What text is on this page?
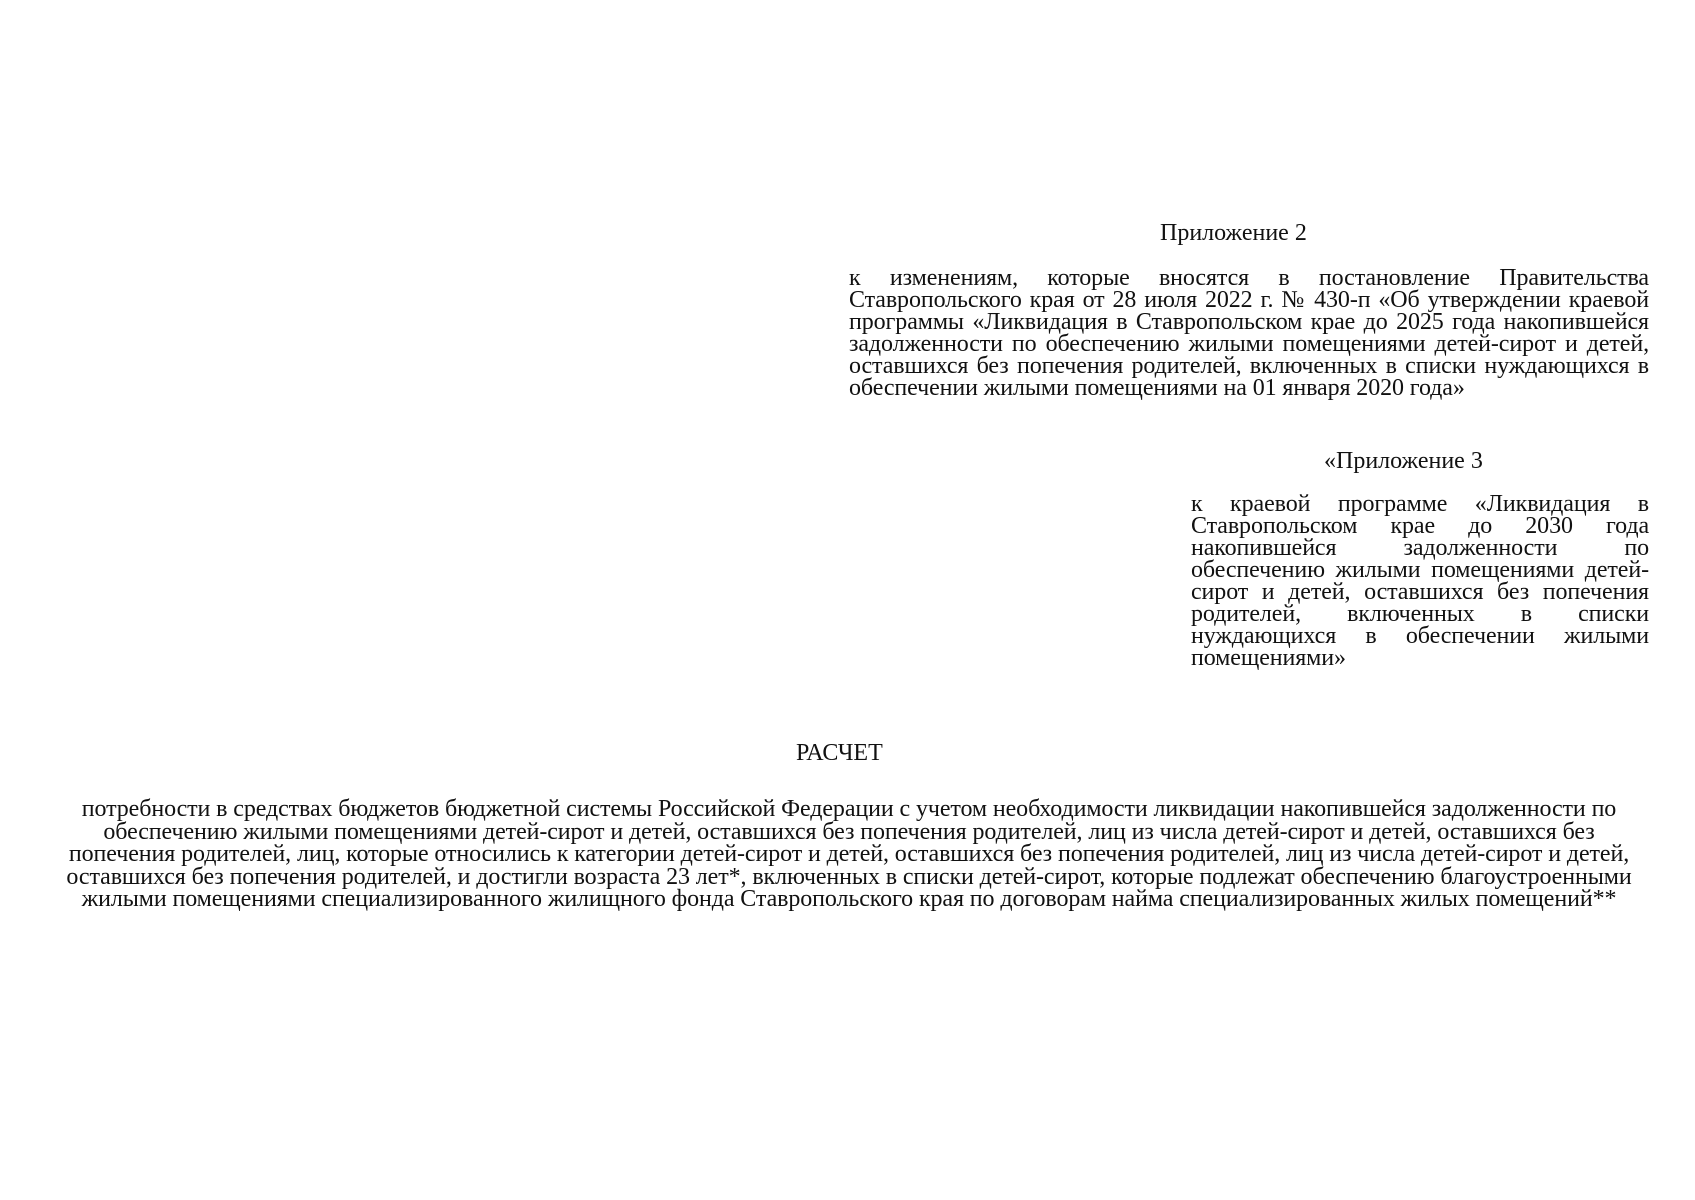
Приложение 2

к изменениям, которые вносятся в постановление Правительства Ставропольского края от 28 июля 2022 г. № 430-п «Об утверждении краевой программы «Ликвидация в Ставропольском крае до 2025 года накопившейся задолженности по обеспечению жилыми помещениями детей-сирот и детей, оставшихся без попечения родителей, включенных в списки нуждающихся в обеспечении жилыми помещениями на 01 января 2020 года»

«Приложение 3

к краевой программе «Ликвидация в Ставропольском крае до 2030 года накопившейся задолженности по обеспечению жилыми помещениями детей-сирот и детей, оставшихся без попечения родителей, включенных в списки нуждающихся в обеспечении жилыми помещениями»

РАСЧЕТ

потребности в средствах бюджетов бюджетной системы Российской Федерации с учетом необходимости ликвидации накопившейся задолженности по обеспечению жилыми помещениями детей-сирот и детей, оставшихся без попечения родителей, лиц из числа детей-сирот и детей, оставшихся без попечения родителей, лиц, которые относились к категории детей-сирот и детей, оставшихся без попечения родителей, лиц из числа детей-сирот и детей, оставшихся без попечения родителей, и достигли возраста 23 лет*, включенных в списки детей-сирот, которые подлежат обеспечению благоустроенными жилыми помещениями специализированного жилищного фонда Ставропольского края по договорам найма специализированных жилых помещений**
